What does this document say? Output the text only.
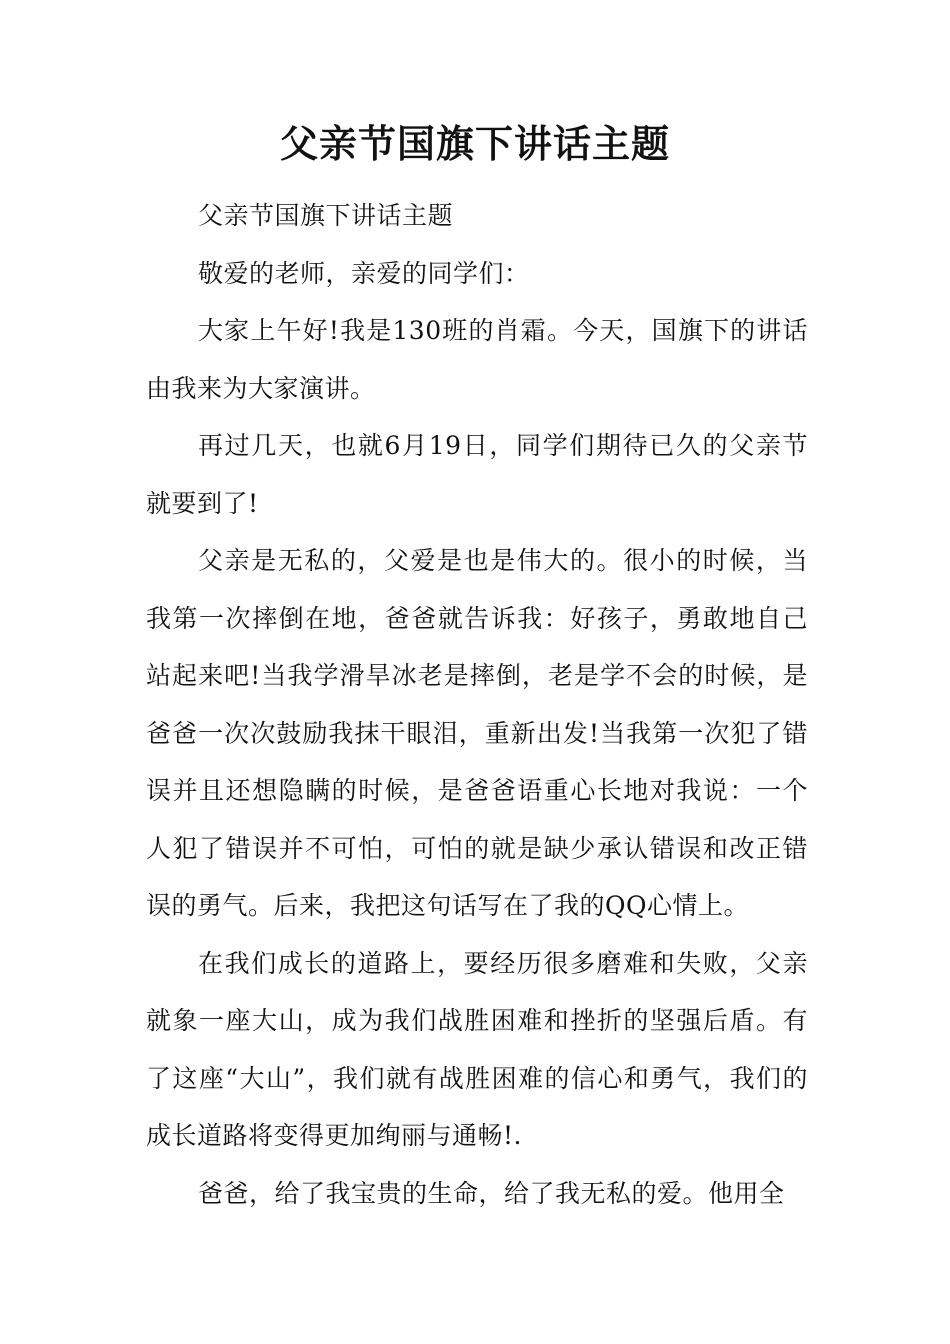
父亲节国旗下讲话主题

父亲节国旗下讲话主题

敬爱的老师，亲爱的同学们：

大家上午好!我是130班的肖霜。今天，国旗下的讲话由我来为大家演讲。

再过几天，也就6月19日，同学们期待已久的父亲节就要到了!

父亲是无私的，父爱是也是伟大的。很小的时候，当我第一次摔倒在地，爸爸就告诉我：好孩子，勇敢地自己站起来吧!当我学滑旱冰老是摔倒，老是学不会的时候，是爸爸一次次鼓励我抹干眼泪，重新出发!当我第一次犯了错误并且还想隐瞒的时候，是爸爸语重心长地对我说：一个人犯了错误并不可怕，可怕的就是缺少承认错误和改正错误的勇气。后来，我把这句话写在了我的QQ心情上。

在我们成长的道路上，要经历很多磨难和失败，父亲就象一座大山，成为我们战胜困难和挫折的坚强后盾。有了这座“大山”，我们就有战胜困难的信心和勇气，我们的成长道路将变得更加绚丽与通畅!.

爸爸，给了我宝贵的生命，给了我无私的爱。他用全
